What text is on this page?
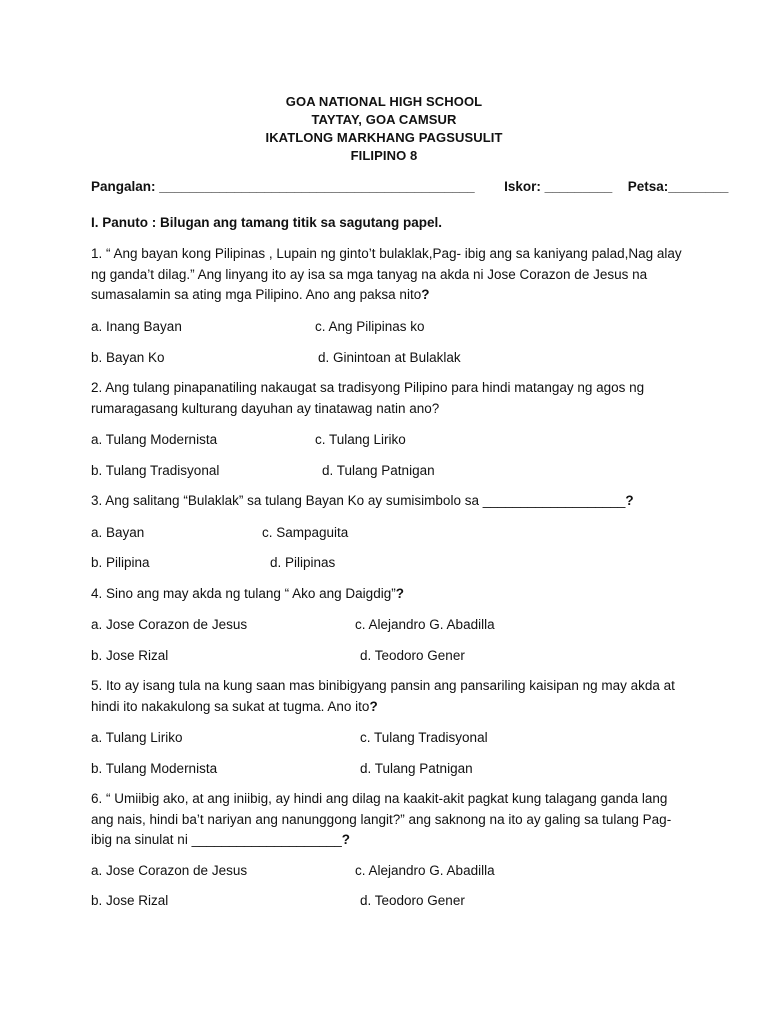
GOA NATIONAL HIGH SCHOOL
TAYTAY, GOA CAMSUR
IKATLONG MARKHANG PAGSUSULIT
FILIPINO 8
Pangalan: __________________________________________ Iskor: _________ Petsa:________
I. Panuto : Bilugan ang tamang titik sa sagutang papel.
1. “ Ang bayan kong Pilipinas , Lupain ng ginto’t bulaklak,Pag- ibig ang sa kaniyang palad,Nag alay ng ganda’t dilag.” Ang linyang ito ay isa sa mga tanyag na akda ni Jose Corazon de Jesus na sumasalamin sa ating mga Pilipino. Ano ang paksa nito?
a. Inang Bayan	c. Ang Pilipinas ko
b. Bayan Ko	d. Ginintoan at Bulaklak
2. Ang tulang pinapanatiling nakaugat sa tradisyong Pilipino para hindi matangay ng agos ng rumaragasang kulturang dayuhan ay tinatawag natin ano?
a. Tulang Modernista	c. Tulang Liriko
b. Tulang Tradisyonal	d. Tulang Patnigan
3. Ang salitang “Bulaklak” sa tulang Bayan Ko ay sumisimbolo sa ___________________?
a. Bayan	c. Sampaguita
b. Pilipina	d. Pilipinas
4. Sino ang may akda ng tulang “ Ako ang Daigdig”?
a. Jose Corazon de Jesus	c. Alejandro G. Abadilla
b. Jose Rizal	d. Teodoro Gener
5. Ito ay isang tula na kung saan mas binibigyang pansin ang pansariling kaisipan ng may akda at hindi ito nakakulong sa sukat at tugma. Ano ito?
a. Tulang Liriko	c. Tulang Tradisyonal
b. Tulang Modernista	d. Tulang Patnigan
6. “ Umiibig ako, at ang iniibig, ay hindi ang dilag na kaakit-akit pagkat kung talagang ganda lang ang nais, hindi ba’t nariyan ang nanunggong langit?” ang saknong na ito ay galing sa tulang Pag-ibig na sinulat ni ____________________?
a. Jose Corazon de Jesus	c. Alejandro G. Abadilla
b. Jose Rizal	d. Teodoro Gener
